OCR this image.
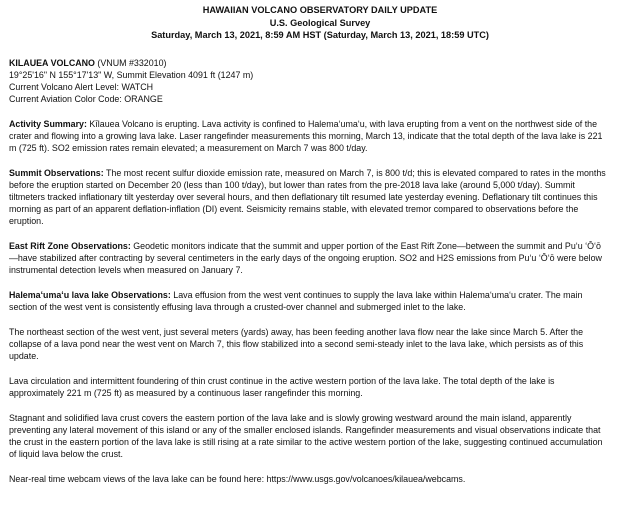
HAWAIIAN VOLCANO OBSERVATORY DAILY UPDATE
U.S. Geological Survey
Saturday, March 13, 2021, 8:59 AM HST (Saturday, March 13, 2021, 18:59 UTC)
KILAUEA VOLCANO (VNUM #332010)
19°25'16" N 155°17'13" W, Summit Elevation 4091 ft (1247 m)
Current Volcano Alert Level: WATCH
Current Aviation Color Code: ORANGE
Activity Summary: Kīlauea Volcano is erupting. Lava activity is confined to Halemaʻumaʻu, with lava erupting from a vent on the northwest side of the
crater and flowing into a growing lava lake. Laser rangefinder measurements this morning, March 13, indicate that the total depth of the lava lake is 221
m (725 ft). SO2 emission rates remain elevated; a measurement on March 7 was 800 t/day.
Summit Observations: The most recent sulfur dioxide emission rate, measured on March 7, is 800 t/d; this is elevated compared to rates in the months
before the eruption started on December 20 (less than 100 t/day), but lower than rates from the pre-2018 lava lake (around 5,000 t/day). Summit
tiltmeters tracked inflationary tilt yesterday over several hours, and then deflationary tilt resumed late yesterday evening. Deflationary tilt continues this
morning as part of an apparent deflation-inflation (DI) event. Seismicity remains stable, with elevated tremor compared to observations before the
eruption.
East Rift Zone Observations: Geodetic monitors indicate that the summit and upper portion of the East Rift Zone—between the summit and Puʻu ʻŌʻō
—have stabilized after contracting by several centimeters in the early days of the ongoing eruption. SO2 and H2S emissions from Puʻu ʻŌʻō were below
instrumental detection levels when measured on January 7.
Halemaʻumaʻu lava lake Observations: Lava effusion from the west vent continues to supply the lava lake within Halemaʻumaʻu crater. The main
section of the west vent is consistently effusing lava through a crusted-over channel and submerged inlet to the lake.
The northeast section of the west vent, just several meters (yards) away, has been feeding another lava flow near the lake since March 5. After the
collapse of a lava pond near the west vent on March 7, this flow stabilized into a second semi-steady inlet to the lava lake, which persists as of this
update.
Lava circulation and intermittent foundering of thin crust continue in the active western portion of the lava lake. The total depth of the lake is
approximately 221 m (725 ft) as measured by a continuous laser rangefinder this morning.
Stagnant and solidified lava crust covers the eastern portion of the lava lake and is slowly growing westward around the main island, apparently
preventing any lateral movement of this island or any of the smaller enclosed islands. Rangefinder measurements and visual observations indicate that
the crust in the eastern portion of the lava lake is still rising at a rate similar to the active western portion of the lake, suggesting continued accumulation
of liquid lava below the crust.
Near-real time webcam views of the lava lake can be found here: https://www.usgs.gov/volcanoes/kilauea/webcams.
